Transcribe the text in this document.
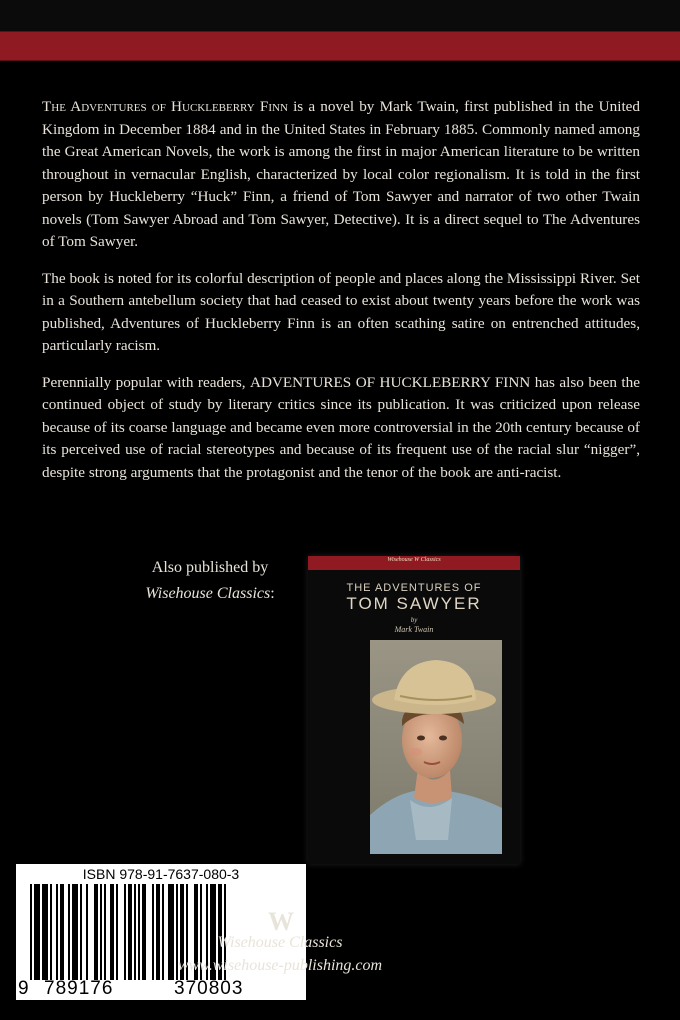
The Adventures of Huckleberry Finn is a novel by Mark Twain, first published in the United Kingdom in December 1884 and in the United States in February 1885. Commonly named among the Great American Novels, the work is among the first in major American literature to be written throughout in vernacular English, characterized by local color regionalism. It is told in the first person by Huckleberry “Huck” Finn, a friend of Tom Sawyer and narrator of two other Twain novels (Tom Sawyer Abroad and Tom Sawyer, Detective). It is a direct sequel to The Adventures of Tom Sawyer.

The book is noted for its colorful description of people and places along the Mississippi River. Set in a Southern antebellum society that had ceased to exist about twenty years before the work was published, Adventures of Huckleberry Finn is an often scathing satire on entrenched attitudes, particularly racism.

Perennially popular with readers, ADVENTURES OF HUCKLEBERRY FINN has also been the continued object of study by literary critics since its publication. It was criticized upon release because of its coarse language and became even more controversial in the 20th century because of its perceived use of racial stereotypes and because of its frequent use of the racial slur “nigger”, despite strong arguments that the protagonist and the tenor of the book are anti-racist.

Also published by
Wisehouse Classics:
Wisehouse W Classics
THE ADVENTURES OF
TOM SAWYER
by
Mark Twain
ISBN 978-91-7637-080-3
9 789176	370803
W
Wisehouse Classics
www.wisehouse-publishing.com
